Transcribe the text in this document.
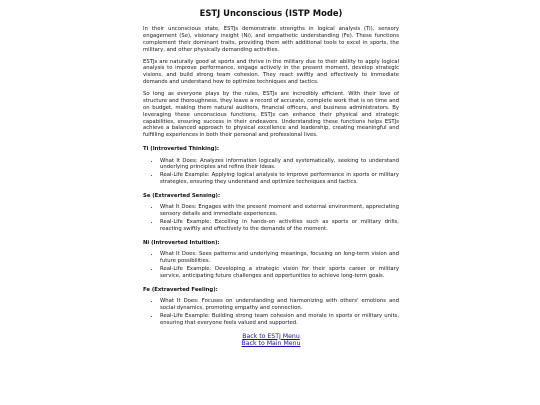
ESTJ Unconscious (ISTP Mode)

In their unconscious state, ESTJs demonstrate strengths in logical analysis (Ti), sensory engagement (Se), visionary insight (Ni), and empathetic understanding (Fe). These functions complement their dominant traits, providing them with additional tools to excel in sports, the military, and other physically demanding activities.

ESTJs are naturally good at sports and thrive in the military due to their ability to apply logical analysis to improve performance, engage actively in the present moment, develop strategic visions, and build strong team cohesion. They react swiftly and effectively to immediate demands and understand how to optimize techniques and tactics.

So long as everyone plays by the rules, ESTJs are incredibly efficient. With their love of structure and thoroughness, they leave a record of accurate, complete work that is on time and on budget, making them natural auditors, financial officers, and business administrators. By leveraging these unconscious functions, ESTJs can enhance their physical and strategic capabilities, ensuring success in their endeavors. Understanding these functions helps ESTJs achieve a balanced approach to physical excellence and leadership, creating meaningful and fulfilling experiences in both their personal and professional lives.

Ti (Introverted Thinking):
• What It Does: Analyzes information logically and systematically, seeking to understand underlying principles and refine their ideas.
• Real-Life Example: Applying logical analysis to improve performance in sports or military strategies, ensuring they understand and optimize techniques and tactics.
Se (Extraverted Sensing):
• What It Does: Engages with the present moment and external environment, appreciating sensory details and immediate experiences.
• Real-Life Example: Excelling in hands-on activities such as sports or military drills, reacting swiftly and effectively to the demands of the moment.
Ni (Introverted Intuition):
• What It Does: Sees patterns and underlying meanings, focusing on long-term vision and future possibilities.
• Real-Life Example: Developing a strategic vision for their sports career or military service, anticipating future challenges and opportunities to achieve long-term goals.
Fe (Extraverted Feeling):
• What It Does: Focuses on understanding and harmonizing with others' emotions and social dynamics, promoting empathy and connection.
• Real-Life Example: Building strong team cohesion and morale in sports or military units, ensuring that everyone feels valued and supported.
Back to ESTJ Menu
Back to Main Menu
